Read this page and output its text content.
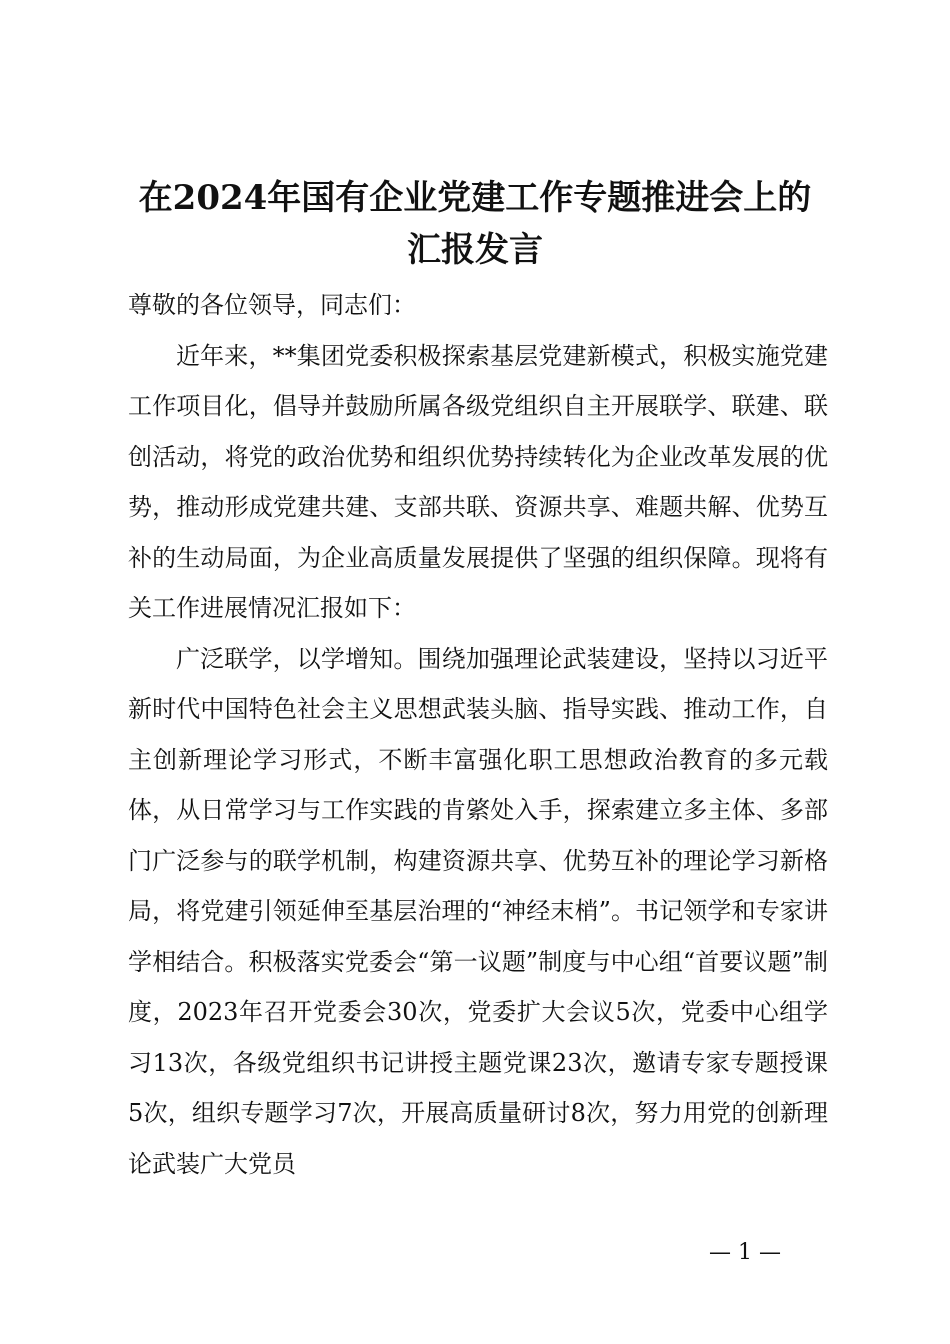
在2024年国有企业党建工作专题推进会上的
汇报发言

尊敬的各位领导，同志们：

近年来，**集团党委积极探索基层党建新模式，积极实施党建工作项目化，倡导并鼓励所属各级党组织自主开展联学、联建、联创活动，将党的政治优势和组织优势持续转化为企业改革发展的优势，推动形成党建共建、支部共联、资源共享、难题共解、优势互补的生动局面，为企业高质量发展提供了坚强的组织保障。现将有关工作进展情况汇报如下：

广泛联学，以学增知。围绕加强理论武装建设，坚持以习近平新时代中国特色社会主义思想武装头脑、指导实践、推动工作，自主创新理论学习形式，不断丰富强化职工思想政治教育的多元载体，从日常学习与工作实践的肯綮处入手，探索建立多主体、多部门广泛参与的联学机制，构建资源共享、优势互补的理论学习新格局，将党建引领延伸至基层治理的“神经末梢”。书记领学和专家讲学相结合。积极落实党委会“第一议题”制度与中心组“首要议题”制度，2023年召开党委会30次，党委扩大会议5次，党委中心组学习13次，各级党组织书记讲授主题党课23次，邀请专家专题授课5次，组织专题学习7次，开展高质量研讨8次，努力用党的创新理论武装广大党员

— 1 —
